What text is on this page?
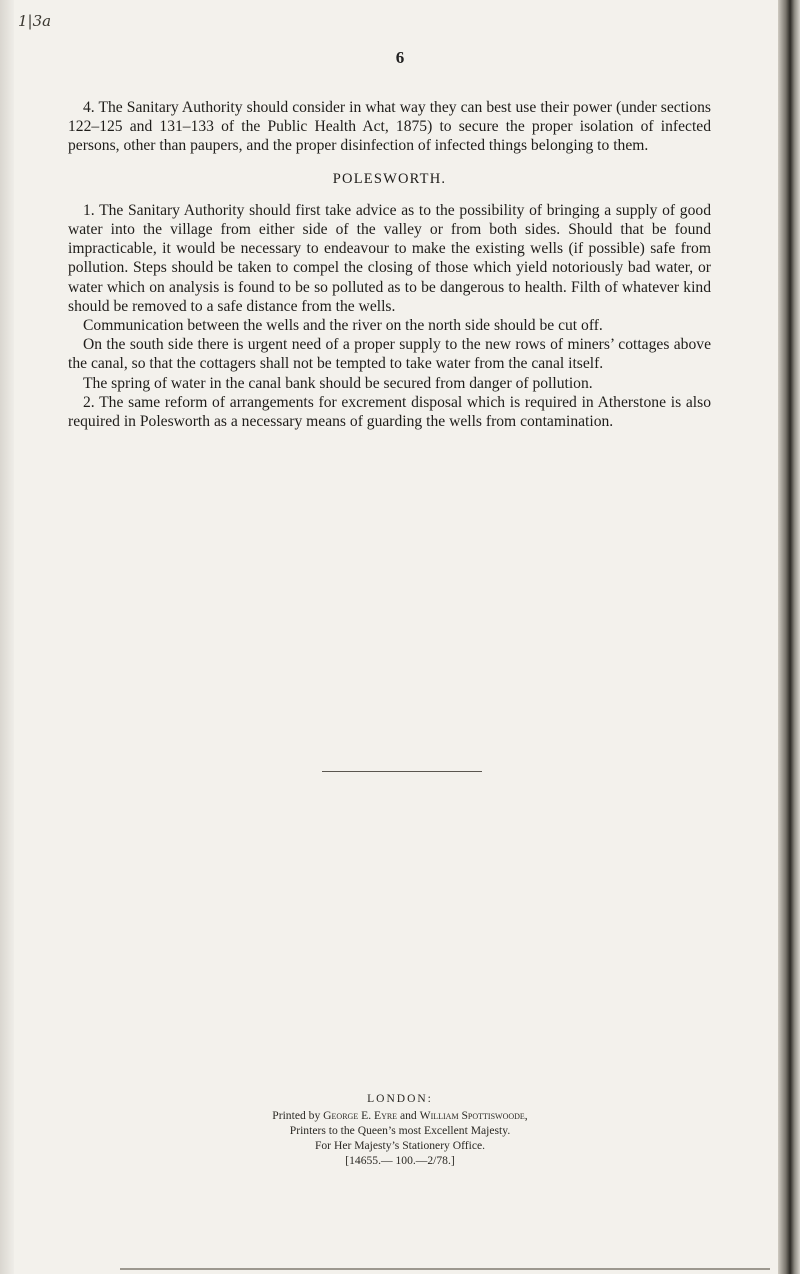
1|3a
6

4. The Sanitary Authority should consider in what way they can best use their power (under sections 122–125 and 131–133 of the Public Health Act, 1875) to secure the proper isolation of infected persons, other than paupers, and the proper disinfection of infected things belonging to them.

POLESWORTH.

1. The Sanitary Authority should first take advice as to the possibility of bringing a supply of good water into the village from either side of the valley or from both sides. Should that be found impracticable, it would be necessary to endeavour to make the existing wells (if possible) safe from pollution. Steps should be taken to compel the closing of those which yield notoriously bad water, or water which on analysis is found to be so polluted as to be dangerous to health. Filth of whatever kind should be removed to a safe distance from the wells.

Communication between the wells and the river on the north side should be cut off.

On the south side there is urgent need of a proper supply to the new rows of miners’ cottages above the canal, so that the cottagers shall not be tempted to take water from the canal itself.

The spring of water in the canal bank should be secured from danger of pollution.

2. The same reform of arrangements for excrement disposal which is required in Atherstone is also required in Polesworth as a necessary means of guarding the wells from contamination.

LONDON:
Printed by George E. Eyre and William Spottiswoode,
Printers to the Queen’s most Excellent Majesty.
For Her Majesty’s Stationery Office.
[14655.— 100.—2/78.]
